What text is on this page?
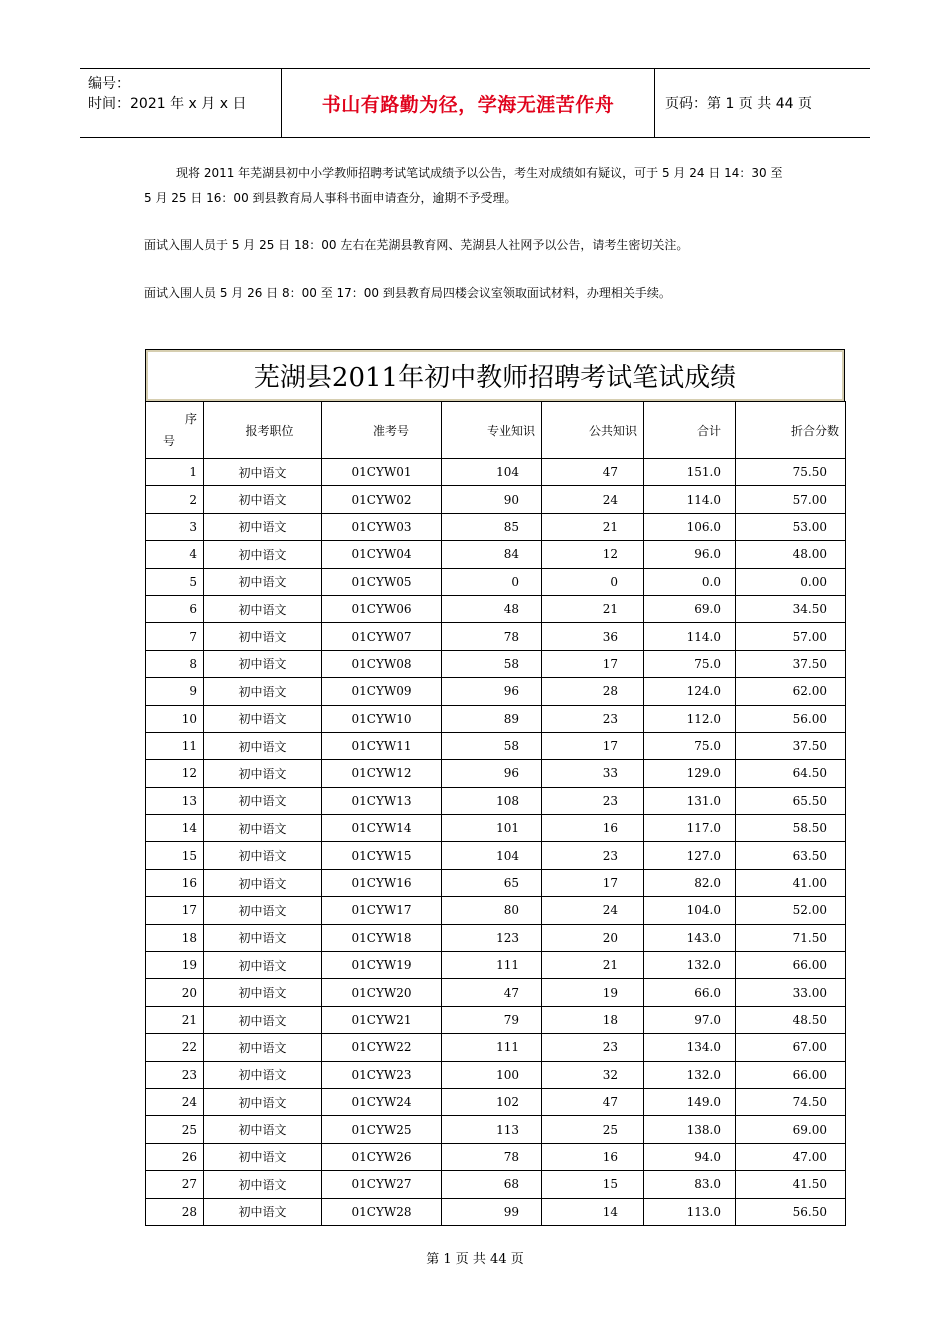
编号：
时间：2021 年 x 月 x 日	书山有路勤为径，学海无涯苦作舟	页码：第 1 页 共 44 页
现将 2011 年芜湖县初中小学教师招聘考试笔试成绩予以公告，考生对成绩如有疑议，可于 5 月 24 日 14：30 至
5 月 25 日 16：00 到县教育局人事科书面申请查分，逾期不予受理。
面试入围人员于 5 月 25 日 18：00 左右在芜湖县教育网、芜湖县人社网予以公告，请考生密切关注。
面试入围人员 5 月 26 日 8：00 至 17：00 到县教育局四楼会议室领取面试材料，办理相关手续。
芜湖县2011年初中教师招聘考试笔试成绩
序
号	报考职位	准考号	专业知识	公共知识	合计	折合分数
1	初中语文	01CYW01	104	47	151.0	75.50
2	初中语文	01CYW02	90	24	114.0	57.00
3	初中语文	01CYW03	85	21	106.0	53.00
4	初中语文	01CYW04	84	12	96.0	48.00
5	初中语文	01CYW05	0	0	0.0	0.00
6	初中语文	01CYW06	48	21	69.0	34.50
7	初中语文	01CYW07	78	36	114.0	57.00
8	初中语文	01CYW08	58	17	75.0	37.50
9	初中语文	01CYW09	96	28	124.0	62.00
10	初中语文	01CYW10	89	23	112.0	56.00
11	初中语文	01CYW11	58	17	75.0	37.50
12	初中语文	01CYW12	96	33	129.0	64.50
13	初中语文	01CYW13	108	23	131.0	65.50
14	初中语文	01CYW14	101	16	117.0	58.50
15	初中语文	01CYW15	104	23	127.0	63.50
16	初中语文	01CYW16	65	17	82.0	41.00
17	初中语文	01CYW17	80	24	104.0	52.00
18	初中语文	01CYW18	123	20	143.0	71.50
19	初中语文	01CYW19	111	21	132.0	66.00
20	初中语文	01CYW20	47	19	66.0	33.00
21	初中语文	01CYW21	79	18	97.0	48.50
22	初中语文	01CYW22	111	23	134.0	67.00
23	初中语文	01CYW23	100	32	132.0	66.00
24	初中语文	01CYW24	102	47	149.0	74.50
25	初中语文	01CYW25	113	25	138.0	69.00
26	初中语文	01CYW26	78	16	94.0	47.00
27	初中语文	01CYW27	68	15	83.0	41.50
28	初中语文	01CYW28	99	14	113.0	56.50
第 1 页 共 44 页
